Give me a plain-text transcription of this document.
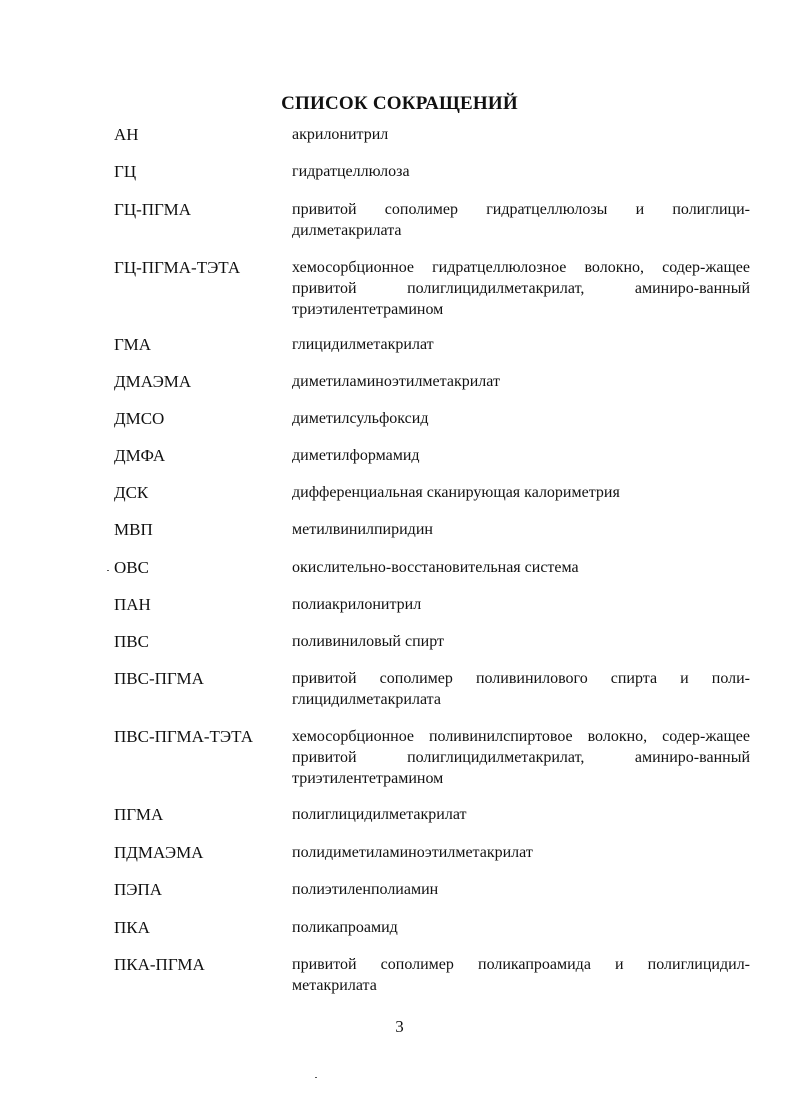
СПИСОК СОКРАЩЕНИЙ
АН	акрилонитрил
ГЦ	гидратцеллюлоза
ГЦ-ПГМА	привитой сополимер гидратцеллюлозы и полиглици-дилметакрилата
ГЦ-ПГМА-ТЭТА	хемосорбционное гидратцеллюлозное волокно, содер-жащее привитой полиглицидилметакрилат, аминиро-ванный триэтилентетрамином
ГМА	глицидилметакрилат
ДМАЭМА	диметиламиноэтилметакрилат
ДМСО	диметилсульфоксид
ДМФА	диметилформамид
ДСК	дифференциальная сканирующая калориметрия
МВП	метилвинилпиридин
ОВС	окислительно-восстановительная система
ПАН	полиакрилонитрил
ПВС	поливиниловый спирт
ПВС-ПГМА	привитой сополимер поливинилового спирта и поли-глицидилметакрилата
ПВС-ПГМА-ТЭТА хемосорбционное поливинилспиртовое волокно, содер-жащее привитой полиглицидилметакрилат, аминиро-ванный триэтилентетрамином
ПГМА	полиглицидилметакрилат
ПДМАЭМА	полидиметиламиноэтилметакрилат
ПЭПА	полиэтиленполиамин
ПКА	поликапроамид
ПКА-ПГМА	привитой сополимер поликапроамида и полиглицидил-метакрилата
3
